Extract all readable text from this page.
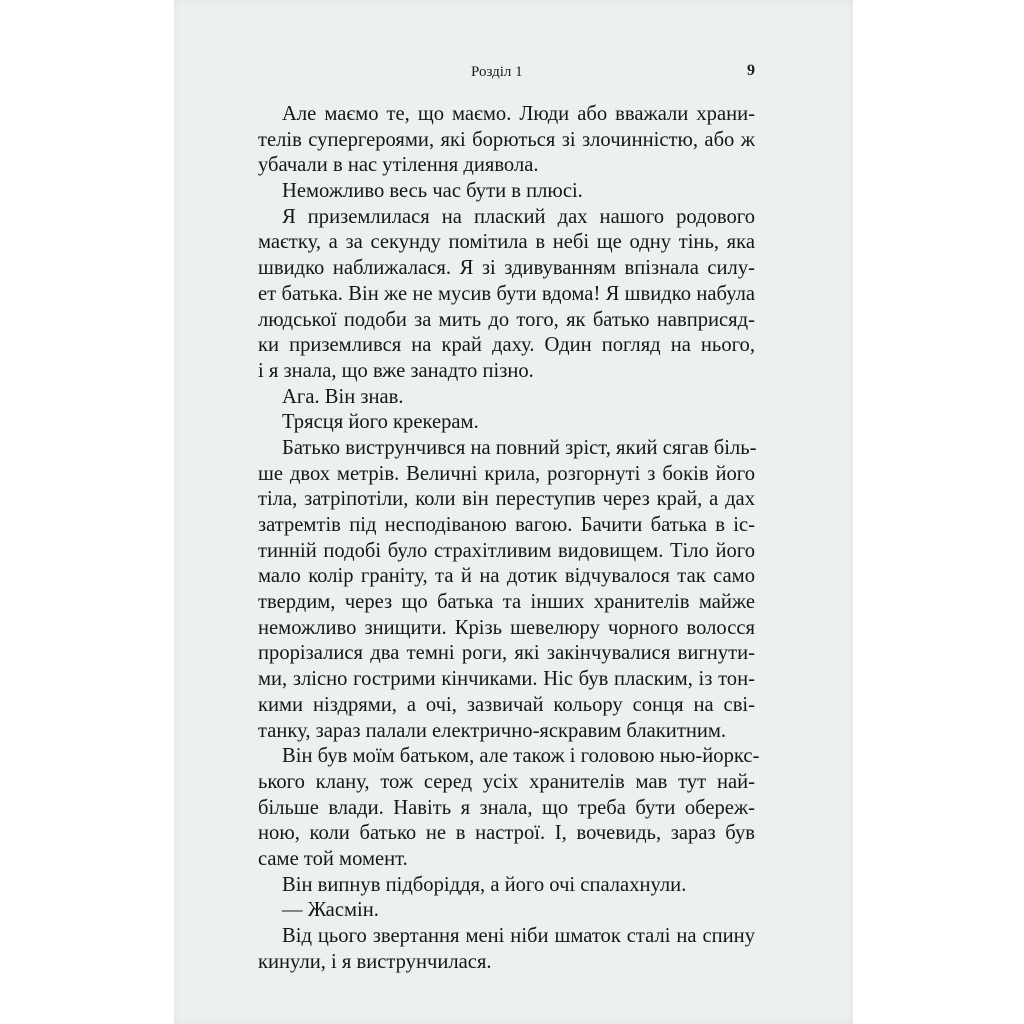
Розділ 1	9
Але маємо те, що маємо. Люди або вважали храни-
телів супергероями, які борються зі злочинністю, або ж
убачали в нас утілення диявола.
Неможливо весь час бути в плюсі.
Я приземлилася на плаский дах нашого родового
маєтку, а за секунду помітила в небі ще одну тінь, яка
швидко наближалася. Я зі здивуванням впізнала силу-
ет батька. Він же не мусив бути вдома! Я швидко набула
людської подоби за мить до того, як батько навприсяд-
ки приземлився на край даху. Один погляд на нього,
і я знала, що вже занадто пізно.
Ага. Він знав.
Трясця його крекерам.
Батько виструнчився на повний зріст, який сягав біль-
ше двох метрів. Величні крила, розгорнуті з боків його
тіла, затріпотіли, коли він переступив через край, а дах
затремтів під несподіваною вагою. Бачити батька в іс-
тинній подобі було страхітливим видовищем. Тіло його
мало колір граніту, та й на дотик відчувалося так само
твердим, через що батька та інших хранителів майже
неможливо знищити. Крізь шевелюру чорного волосся
прорізалися два темні роги, які закінчувалися вигнути-
ми, злісно гострими кінчиками. Ніс був пласким, із тон-
кими ніздрями, а очі, зазвичай кольору сонця на сві-
танку, зараз палали електрично-яскравим блакитним.
Він був моїм батьком, але також і головою нью-йоркс-
ького клану, тож серед усіх хранителів мав тут най-
більше влади. Навіть я знала, що треба бути обереж-
ною, коли батько не в настрої. І, вочевидь, зараз був
саме той момент.
Він випнув підборіддя, а його очі спалахнули.
— Жасмін.
Від цього звертання мені ніби шматок сталі на спину
кинули, і я виструнчилася.
